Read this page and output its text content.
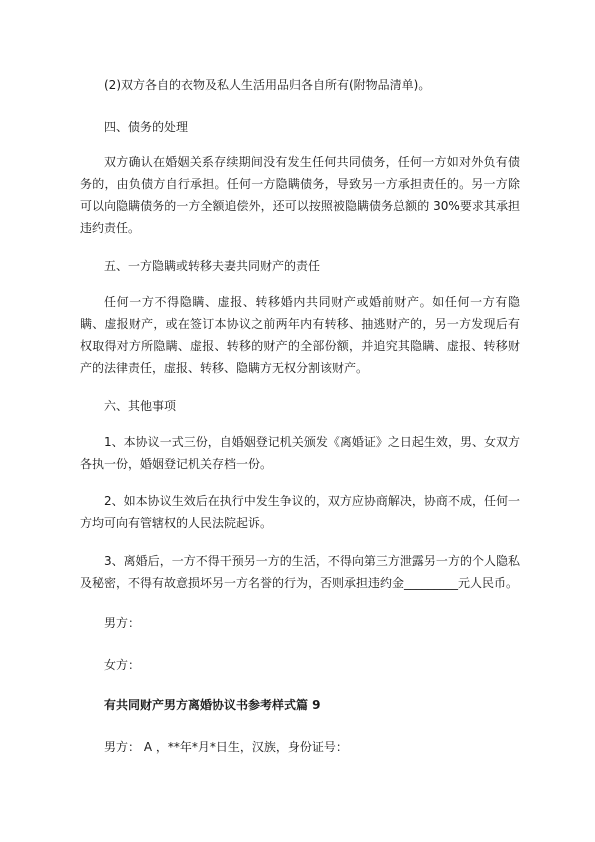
(2)双方各自的衣物及私人生活用品归各自所有(附物品清单)。

四、债务的处理

双方确认在婚姻关系存续期间没有发生任何共同债务，任何一方如对外负有债务的，由负债方自行承担。任何一方隐瞒债务，导致另一方承担责任的。另一方除可以向隐瞒债务的一方全额追偿外，还可以按照被隐瞒债务总额的 30%要求其承担违约责任。

五、一方隐瞒或转移夫妻共同财产的责任

任何一方不得隐瞒、虚报、转移婚内共同财产或婚前财产。如任何一方有隐瞒、虚报财产，或在签订本协议之前两年内有转移、抽逃财产的，另一方发现后有权取得对方所隐瞒、虚报、转移的财产的全部份额，并追究其隐瞒、虚报、转移财产的法律责任，虚报、转移、隐瞒方无权分割该财产。

六、其他事项

1、本协议一式三份，自婚姻登记机关颁发《离婚证》之日起生效，男、女双方各执一份，婚姻登记机关存档一份。

2、如本协议生效后在执行中发生争议的，双方应协商解决，协商不成，任何一方均可向有管辖权的人民法院起诉。

3、离婚后，一方不得干预另一方的生活，不得向第三方泄露另一方的个人隐私及秘密，不得有故意损坏另一方名誉的行为，否则承担违约金_________元人民币。

男方：

女方：

有共同财产男方离婚协议书参考样式篇 9

男方： A ，**年*月*日生，汉族，身份证号：
